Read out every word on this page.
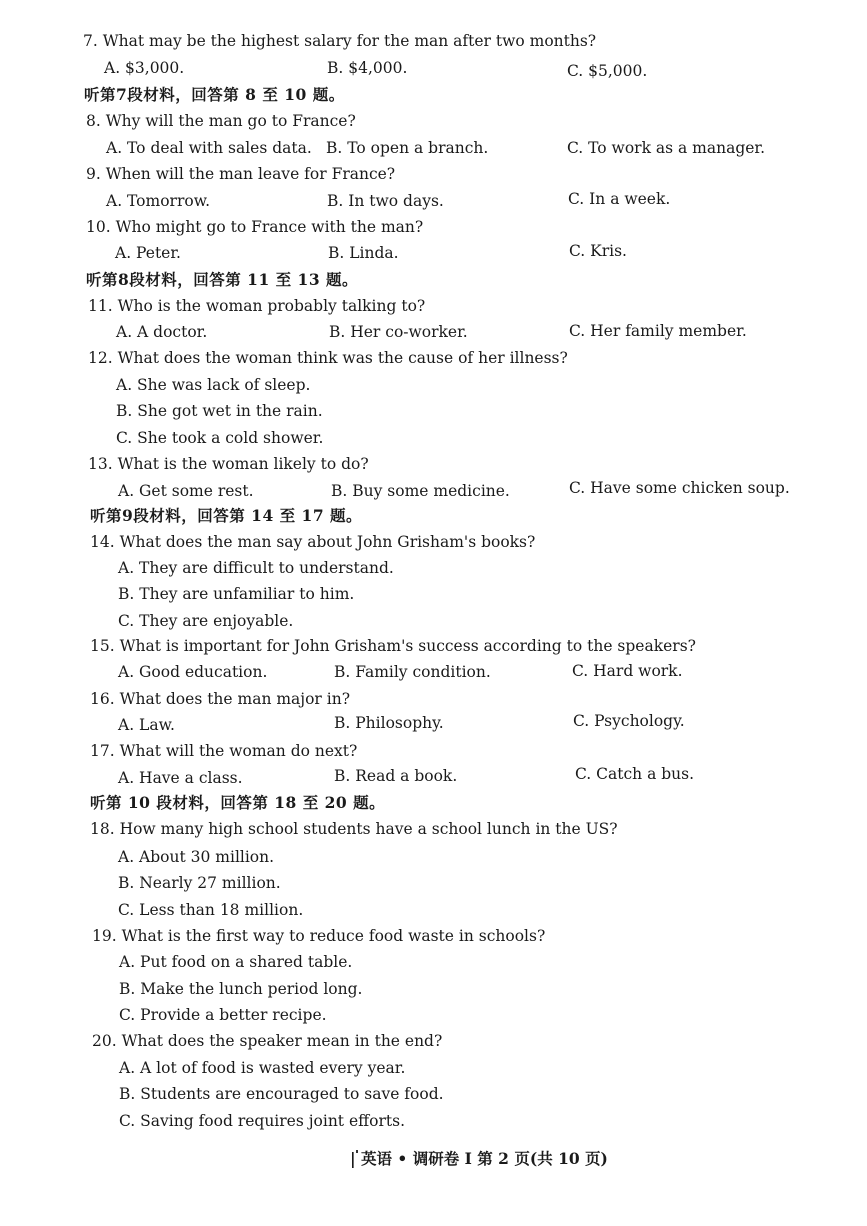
7. What may be the highest salary for the man after two months?
A. $3,000.	B. $4,000.	C. $5,000.
听第7段材料，回答第 8 至 10 题。
8. Why will the man go to France?
A. To deal with sales data. B. To open a branch.	C. To work as a manager.
9. When will the man leave for France?
A. Tomorrow.	B. In two days.	C. In a week.
10. Who might go to France with the man?
A. Peter.	B. Linda.	C. Kris.
听第8段材料，回答第 11 至 13 题。
11. Who is the woman probably talking to?
A. A doctor.	B. Her co-worker.	C. Her family member.
12. What does the woman think was the cause of her illness?
A. She was lack of sleep.
B. She got wet in the rain.
C. She took a cold shower.
13. What is the woman likely to do?
A. Get some rest.	B. Buy some medicine.	C. Have some chicken soup.
听第9段材料，回答第 14 至 17 题。
14. What does the man say about John Grisham's books?
A. They are difficult to understand.
B. They are unfamiliar to him.
C. They are enjoyable.
15. What is important for John Grisham's success according to the speakers?
A. Good education.	B. Family condition.	C. Hard work.
16. What does the man major in?
A. Law.	B. Philosophy.	C. Psychology.
17. What will the woman do next?
A. Have a class.	B. Read a book.	C. Catch a bus.
听第 10 段材料，回答第 18 至 20 题。
18. How many high school students have a school lunch in the US?
A. About 30 million.
B. Nearly 27 million.
C. Less than 18 million.
19. What is the first way to reduce food waste in schools?
A. Put food on a shared table.
B. Make the lunch period long.
C. Provide a better recipe.
20. What does the speaker mean in the end?
A. A lot of food is wasted every year.
B. Students are encouraged to save food.
C. Saving food requires joint efforts.
| 英语 • 调研卷 I 第 2 页(共 10 页)
